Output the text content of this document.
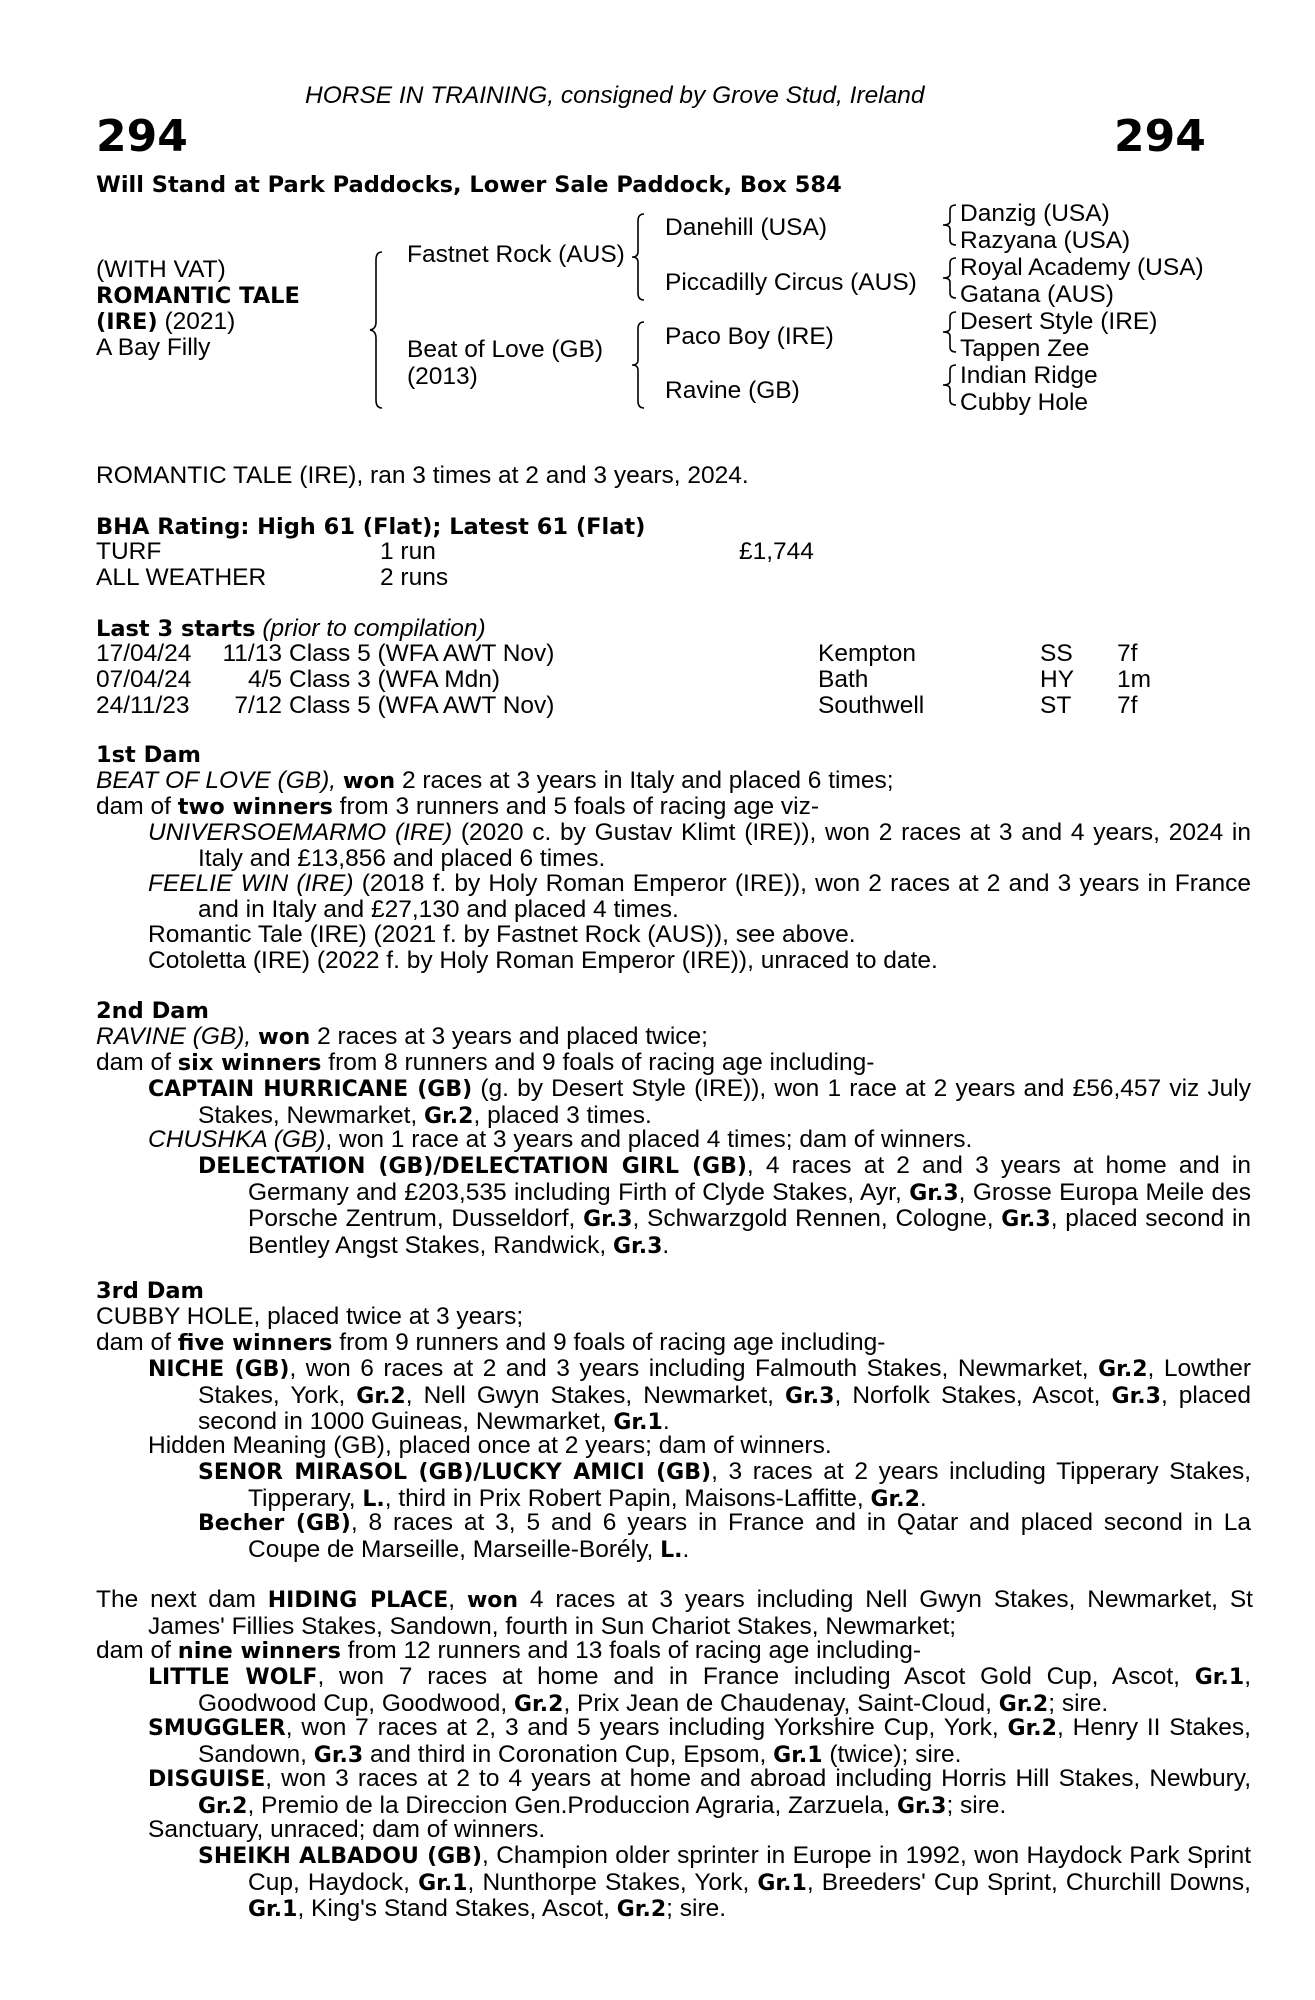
HORSE IN TRAINING, consigned by Grove Stud, Ireland
294	294
Will Stand at Park Paddocks, Lower Sale Paddock, Box 584
(WITH VAT)
ROMANTIC TALE
(IRE) (2021)
A Bay Filly
Fastnet Rock (AUS)
Beat of Love (GB)
(2013)
Danehill (USA)
Piccadilly Circus (AUS)
Paco Boy (IRE)
Ravine (GB)
Danzig (USA)
Razyana (USA)
Royal Academy (USA)
Gatana (AUS)
Desert Style (IRE)
Tappen Zee
Indian Ridge
Cubby Hole
ROMANTIC TALE (IRE), ran 3 times at 2 and 3 years, 2024.
BHA Rating: High 61 (Flat); Latest 61 (Flat)
TURF	1 run	£1,744
ALL WEATHER	2 runs
Last 3 starts (prior to compilation)
17/04/24	11/13 Class 5 (WFA AWT Nov)	Kempton	SS 7f
07/04/24	4/5 Class 3 (WFA Mdn)	Bath	HY 1m
24/11/23	7/12 Class 5 (WFA AWT Nov)	Southwell	ST 7f
1st Dam
BEAT OF LOVE (GB), won 2 races at 3 years in Italy and placed 6 times;
dam of two winners from 3 runners and 5 foals of racing age viz-
UNIVERSOEMARMO (IRE) (2020 c. by Gustav Klimt (IRE)), won 2 races at 3 and 4 years, 2024 in Italy and £13,856 and placed 6 times.
FEELIE WIN (IRE) (2018 f. by Holy Roman Emperor (IRE)), won 2 races at 2 and 3 years in France and in Italy and £27,130 and placed 4 times.
Romantic Tale (IRE) (2021 f. by Fastnet Rock (AUS)), see above.
Cotoletta (IRE) (2022 f. by Holy Roman Emperor (IRE)), unraced to date.
2nd Dam
RAVINE (GB), won 2 races at 3 years and placed twice;
dam of six winners from 8 runners and 9 foals of racing age including-
CAPTAIN HURRICANE (GB) (g. by Desert Style (IRE)), won 1 race at 2 years and £56,457 viz July Stakes, Newmarket, Gr.2, placed 3 times.
CHUSHKA (GB), won 1 race at 3 years and placed 4 times; dam of winners.
DELECTATION (GB)/DELECTATION GIRL (GB), 4 races at 2 and 3 years at home and in Germany and £203,535 including Firth of Clyde Stakes, Ayr, Gr.3, Grosse Europa Meile des Porsche Zentrum, Dusseldorf, Gr.3, Schwarzgold Rennen, Cologne, Gr.3, placed second in Bentley Angst Stakes, Randwick, Gr.3.
3rd Dam
CUBBY HOLE, placed twice at 3 years;
dam of five winners from 9 runners and 9 foals of racing age including-
NICHE (GB), won 6 races at 2 and 3 years including Falmouth Stakes, Newmarket, Gr.2, Lowther Stakes, York, Gr.2, Nell Gwyn Stakes, Newmarket, Gr.3, Norfolk Stakes, Ascot, Gr.3, placed second in 1000 Guineas, Newmarket, Gr.1.
Hidden Meaning (GB), placed once at 2 years; dam of winners.
SENOR MIRASOL (GB)/LUCKY AMICI (GB), 3 races at 2 years including Tipperary Stakes, Tipperary, L., third in Prix Robert Papin, Maisons-Laffitte, Gr.2.
Becher (GB), 8 races at 3, 5 and 6 years in France and in Qatar and placed second in La Coupe de Marseille, Marseille-Borély, L..
The next dam HIDING PLACE, won 4 races at 3 years including Nell Gwyn Stakes, Newmarket, St James' Fillies Stakes, Sandown, fourth in Sun Chariot Stakes, Newmarket;
dam of nine winners from 12 runners and 13 foals of racing age including-
LITTLE WOLF, won 7 races at home and in France including Ascot Gold Cup, Ascot, Gr.1, Goodwood Cup, Goodwood, Gr.2, Prix Jean de Chaudenay, Saint-Cloud, Gr.2; sire.
SMUGGLER, won 7 races at 2, 3 and 5 years including Yorkshire Cup, York, Gr.2, Henry II Stakes, Sandown, Gr.3 and third in Coronation Cup, Epsom, Gr.1 (twice); sire.
DISGUISE, won 3 races at 2 to 4 years at home and abroad including Horris Hill Stakes, Newbury, Gr.2, Premio de la Direccion Gen.Produccion Agraria, Zarzuela, Gr.3; sire.
Sanctuary, unraced; dam of winners.
SHEIKH ALBADOU (GB), Champion older sprinter in Europe in 1992, won Haydock Park Sprint Cup, Haydock, Gr.1, Nunthorpe Stakes, York, Gr.1, Breeders' Cup Sprint, Churchill Downs, Gr.1, King's Stand Stakes, Ascot, Gr.2; sire.
